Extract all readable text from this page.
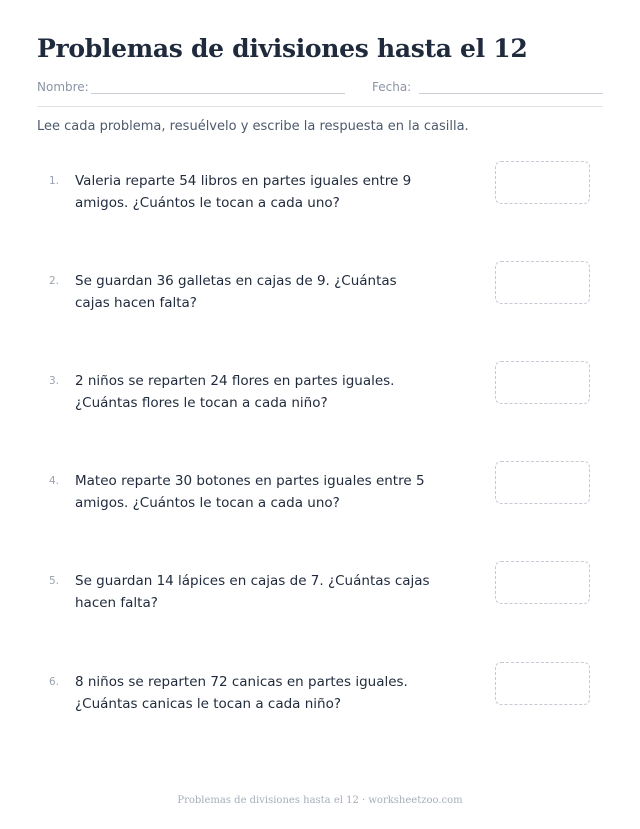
Problemas de divisiones hasta el 12
Nombre:	Fecha:
Lee cada problema, resuélvelo y escribe la respuesta en la casilla.
1. Valeria reparte 54 libros en partes iguales entre 9 amigos. ¿Cuántos le tocan a cada uno?
2. Se guardan 36 galletas en cajas de 9. ¿Cuántas cajas hacen falta?
3. 2 niños se reparten 24 flores en partes iguales. ¿Cuántas flores le tocan a cada niño?
4. Mateo reparte 30 botones en partes iguales entre 5 amigos. ¿Cuántos le tocan a cada uno?
5. Se guardan 14 lápices en cajas de 7. ¿Cuántas cajas hacen falta?
6. 8 niños se reparten 72 canicas en partes iguales. ¿Cuántas canicas le tocan a cada niño?
Problemas de divisiones hasta el 12 · worksheetzoo.com
